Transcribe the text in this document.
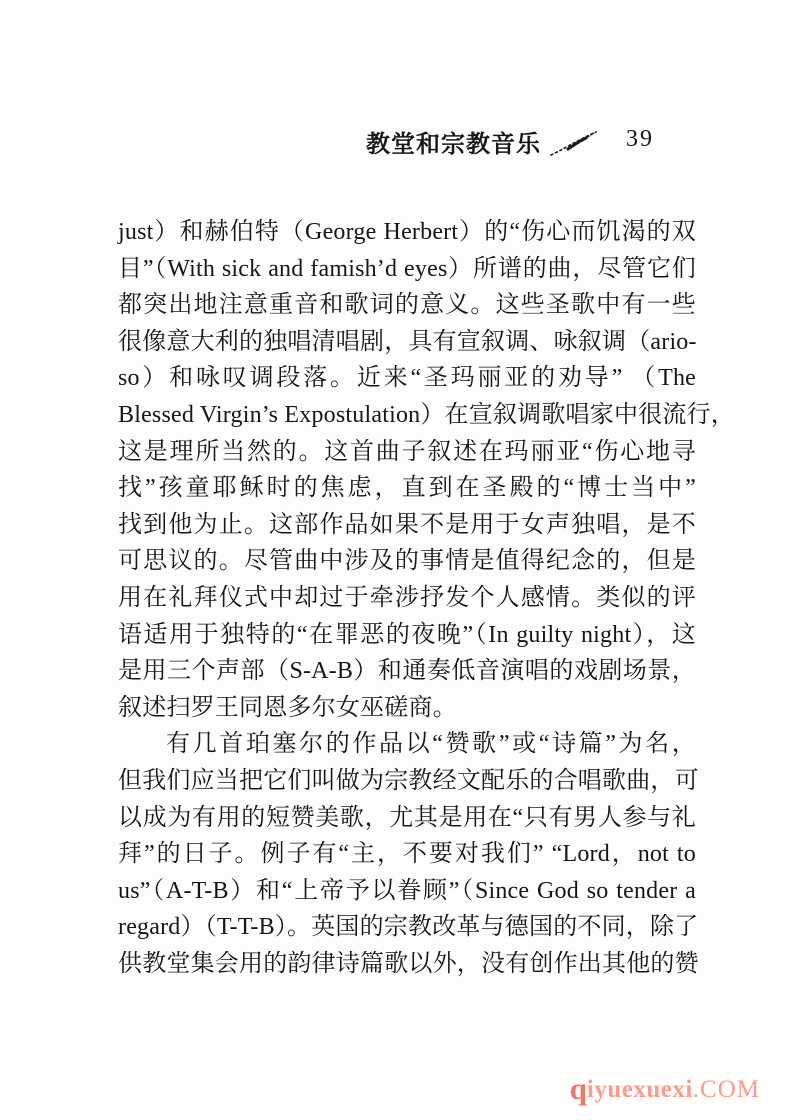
教堂和宗教音乐	39
just）和赫伯特（George Herbert）的“伤心而饥渴的双
目”（With sick and famish’d eyes）所谱的曲，尽管它们
都突出地注意重音和歌词的意义。这些圣歌中有一些
很像意大利的独唱清唱剧，具有宣叙调、咏叙调（ario-
so）和咏叹调段落。近来“圣玛丽亚的劝导” （The
Blessed Virgin’s Expostulation）在宣叙调歌唱家中很流行，
这是理所当然的。这首曲子叙述在玛丽亚“伤心地寻
找”孩童耶稣时的焦虑，直到在圣殿的“博士当中”
找到他为止。这部作品如果不是用于女声独唱，是不
可思议的。尽管曲中涉及的事情是值得纪念的，但是
用在礼拜仪式中却过于牵涉抒发个人感情。类似的评
语适用于独特的“在罪恶的夜晚”（In guilty night），这
是用三个声部（S-A-B）和通奏低音演唱的戏剧场景，
叙述扫罗王同恩多尔女巫磋商。
有几首珀塞尔的作品以“赞歌”或“诗篇”为名，
但我们应当把它们叫做为宗教经文配乐的合唱歌曲，可
以成为有用的短赞美歌，尤其是用在“只有男人参与礼
拜”的日子。例子有“主，不要对我们” “Lord，not to
us”（A-T-B）和“上帝予以眷顾”（Since God so tender a
regard）（T-T-B）。英国的宗教改革与德国的不同，除了
供教堂集会用的韵律诗篇歌以外，没有创作出其他的赞
qiyuexuexi.COM
